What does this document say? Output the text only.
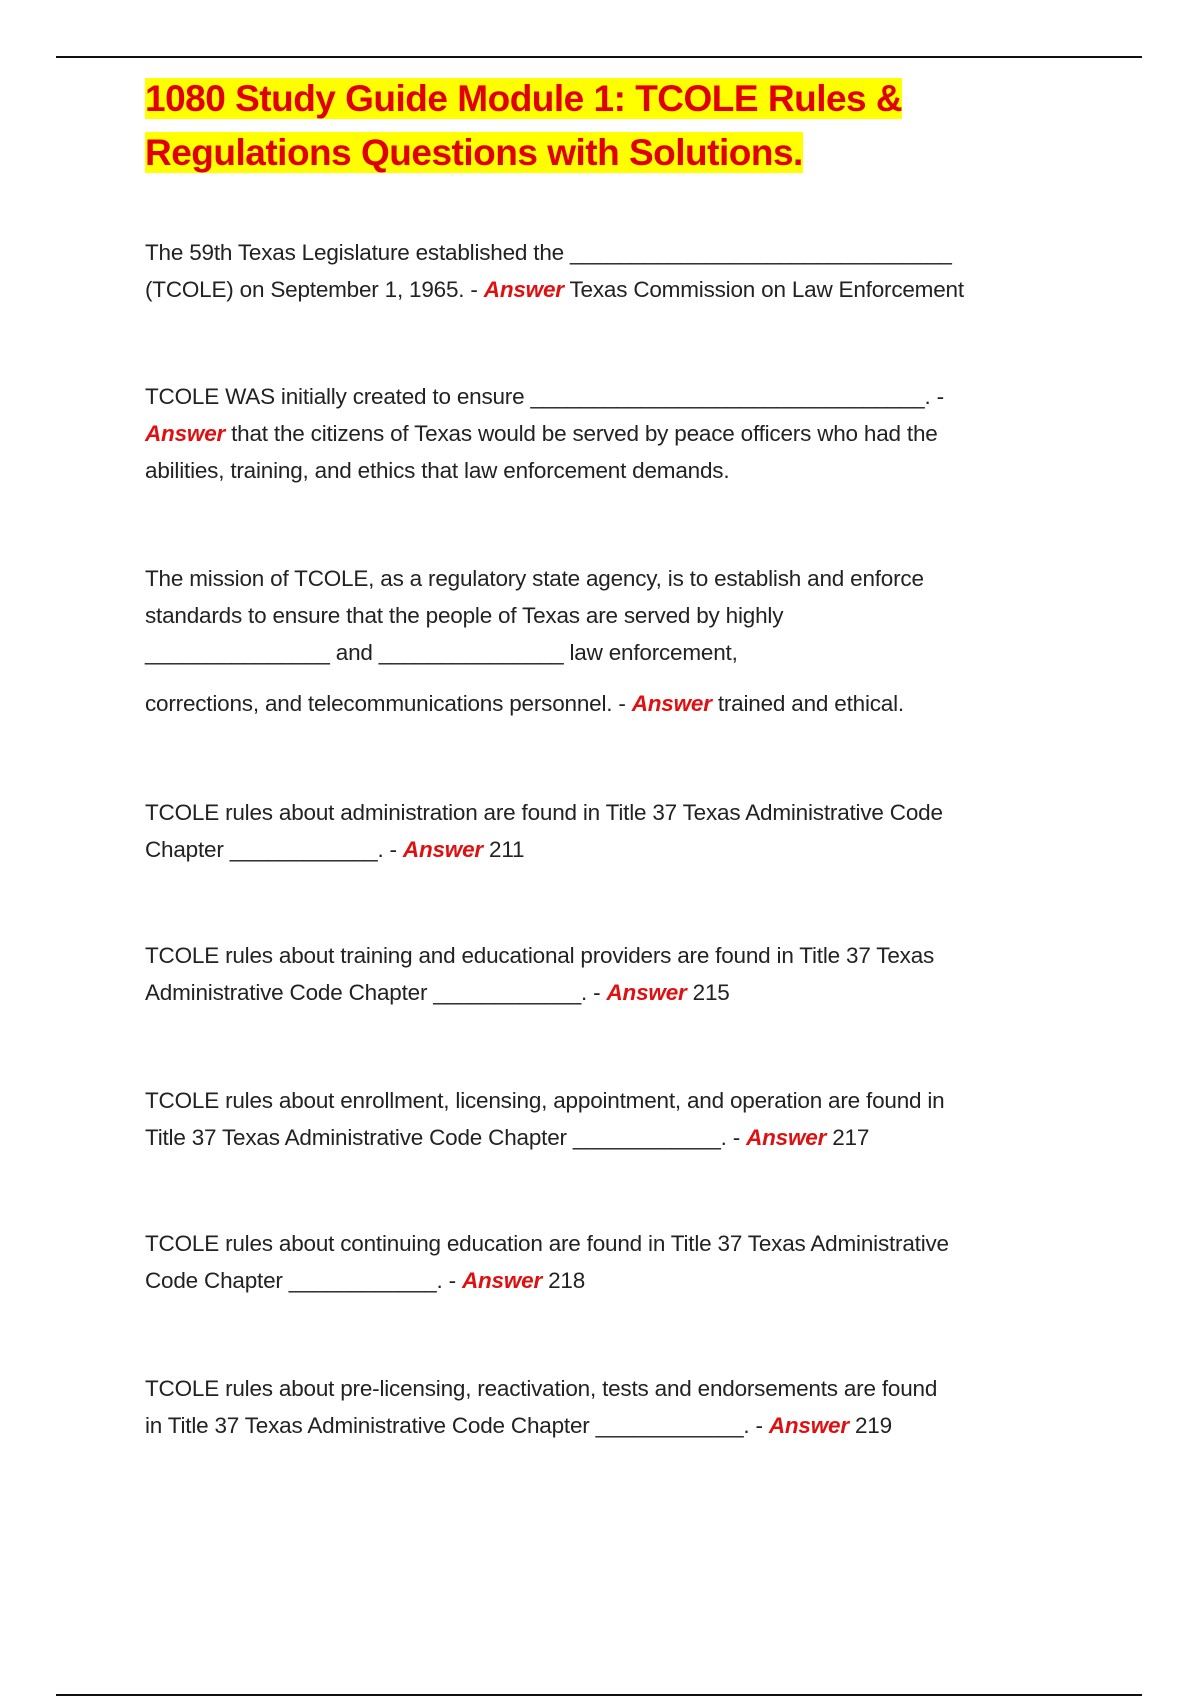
1080 Study Guide Module 1: TCOLE Rules &
Regulations Questions with Solutions.
The 59th Texas Legislature established the _______________________________
(TCOLE) on September 1, 1965. - Answer Texas Commission on Law Enforcement
TCOLE WAS initially created to ensure ________________________________. -
Answer that the citizens of Texas would be served by peace officers who had the
abilities, training, and ethics that law enforcement demands.
The mission of TCOLE, as a regulatory state agency, is to establish and enforce
standards to ensure that the people of Texas are served by highly
_______________ and _______________ law enforcement,

corrections, and telecommunications personnel. - Answer trained and ethical.
TCOLE rules about administration are found in Title 37 Texas Administrative Code
Chapter ____________. - Answer 211
TCOLE rules about training and educational providers are found in Title 37 Texas
Administrative Code Chapter ____________. - Answer 215
TCOLE rules about enrollment, licensing, appointment, and operation are found in
Title 37 Texas Administrative Code Chapter ____________. - Answer 217
TCOLE rules about continuing education are found in Title 37 Texas Administrative
Code Chapter ____________. - Answer 218
TCOLE rules about pre-licensing, reactivation, tests and endorsements are found
in Title 37 Texas Administrative Code Chapter ____________. - Answer 219
